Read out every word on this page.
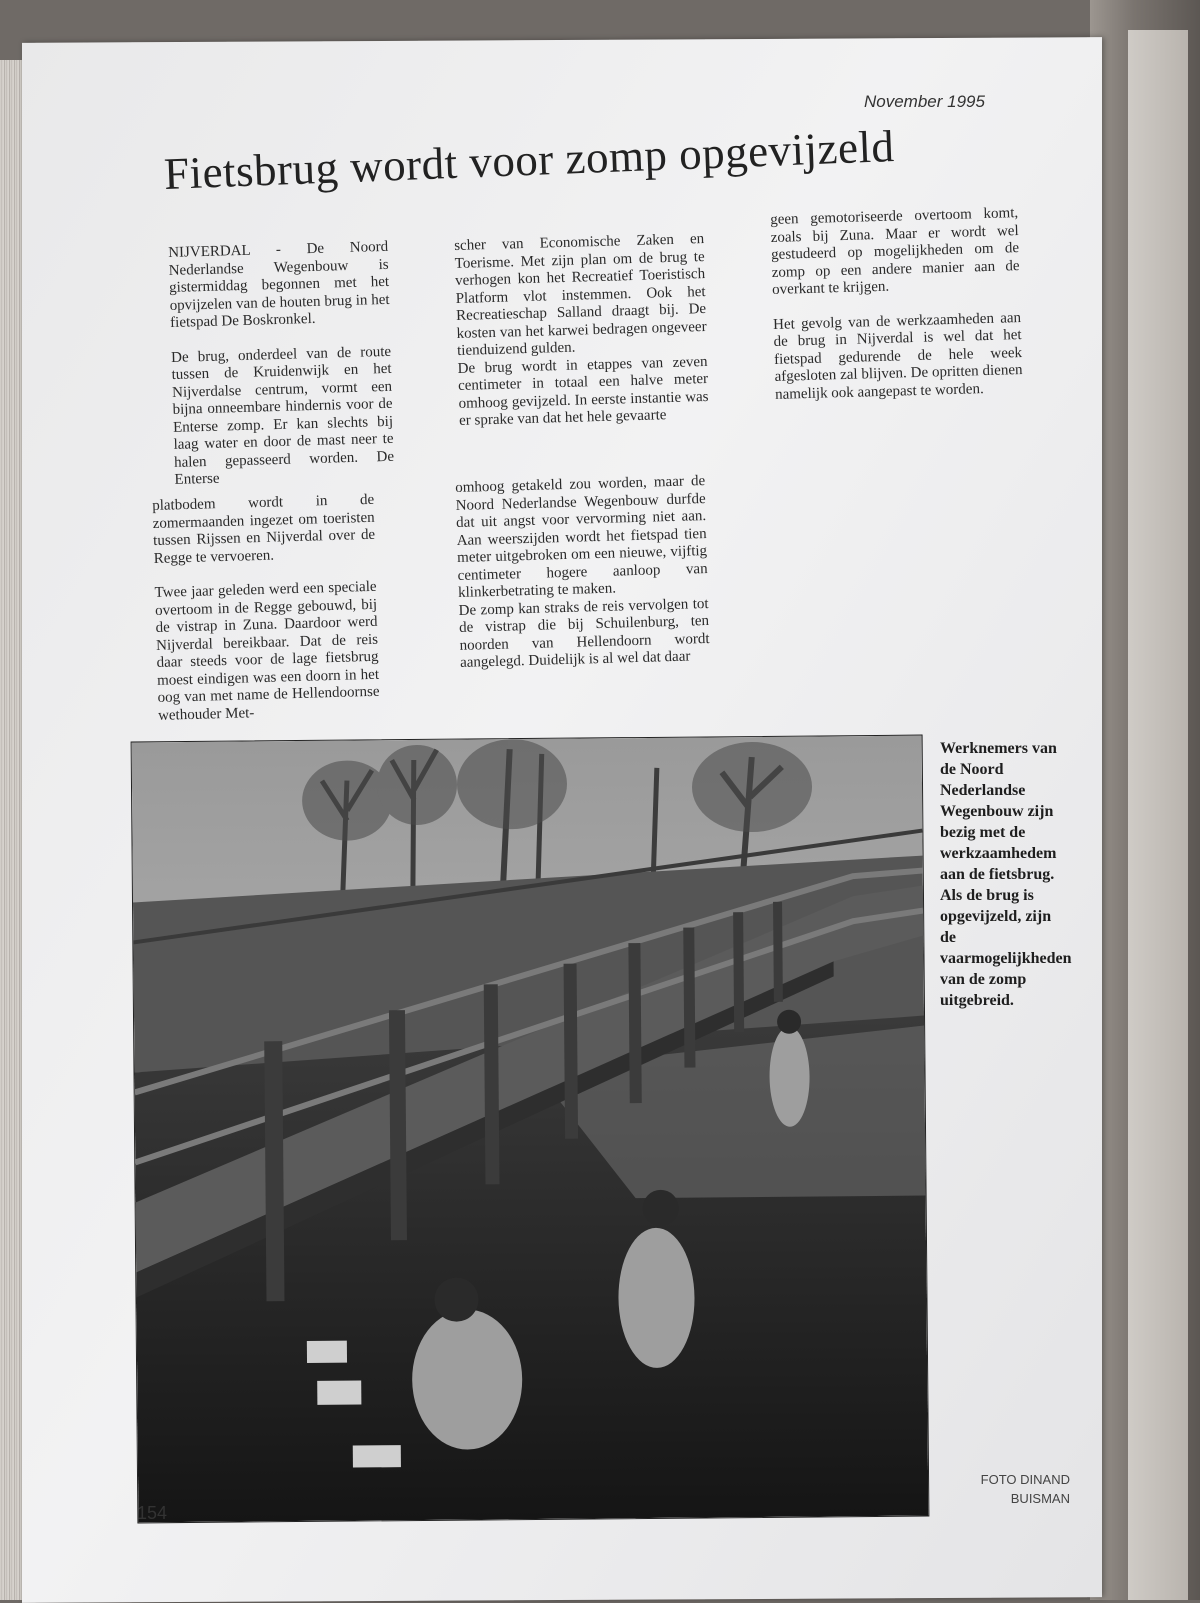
November 1995
Fietsbrug wordt voor zomp opgevijzeld

NIJVERDAL - De Noord Nederlandse Wegenbouw is gistermiddag begonnen met het opvijzelen van de houten brug in het fietspad De Boskronkel.

De brug, onderdeel van de route tussen de Kruidenwijk en het Nijverdalse centrum, vormt een bijna onneembare hindernis voor de Enterse zomp. Er kan slechts bij laag water en door de mast neer te halen gepasseerd worden. De Enterse

platbodem wordt in de zomermaanden ingezet om toeristen tussen Rijssen en Nijverdal over de Regge te vervoeren.

Twee jaar geleden werd een speciale overtoom in de Regge gebouwd, bij de vistrap in Zuna. Daardoor werd Nijverdal bereikbaar. Dat de reis daar steeds voor de lage fietsbrug moest eindigen was een doorn in het oog van met name de Hellendoornse wethouder Met-

scher van Economische Zaken en Toerisme. Met zijn plan om de brug te verhogen kon het Recreatief Toeristisch Platform vlot instemmen. Ook het Recreatieschap Salland draagt bij. De kosten van het karwei bedragen ongeveer tienduizend gulden.

De brug wordt in etappes van zeven centimeter in totaal een halve meter omhoog gevijzeld. In eerste instantie was er sprake van dat het hele gevaarte

omhoog getakeld zou worden, maar de Noord Nederlandse Wegenbouw durfde dat uit angst voor vervorming niet aan. Aan weerszijden wordt het fietspad tien meter uitgebroken om een nieuwe, vijftig centimeter hogere aanloop van klinkerbetrating te maken.

De zomp kan straks de reis vervolgen tot de vistrap die bij Schuilenburg, ten noorden van Hellendoorn wordt aangelegd. Duidelijk is al wel dat daar

geen gemotoriseerde overtoom komt, zoals bij Zuna. Maar er wordt wel gestudeerd op mogelijkheden om de zomp op een andere manier aan de overkant te krijgen.

Het gevolg van de werkzaamheden aan de brug in Nijverdal is wel dat het fietspad gedurende de hele week afgesloten zal blijven. De opritten dienen namelijk ook aangepast te worden.

Werknemers van de Noord Nederlandse Wegenbouw zijn bezig met de werkzaamhedem aan de fietsbrug. Als de brug is opgevijzeld, zijn de vaarmogelijkheden van de zomp uitgebreid.
FOTO DINAND
BUISMAN
154
